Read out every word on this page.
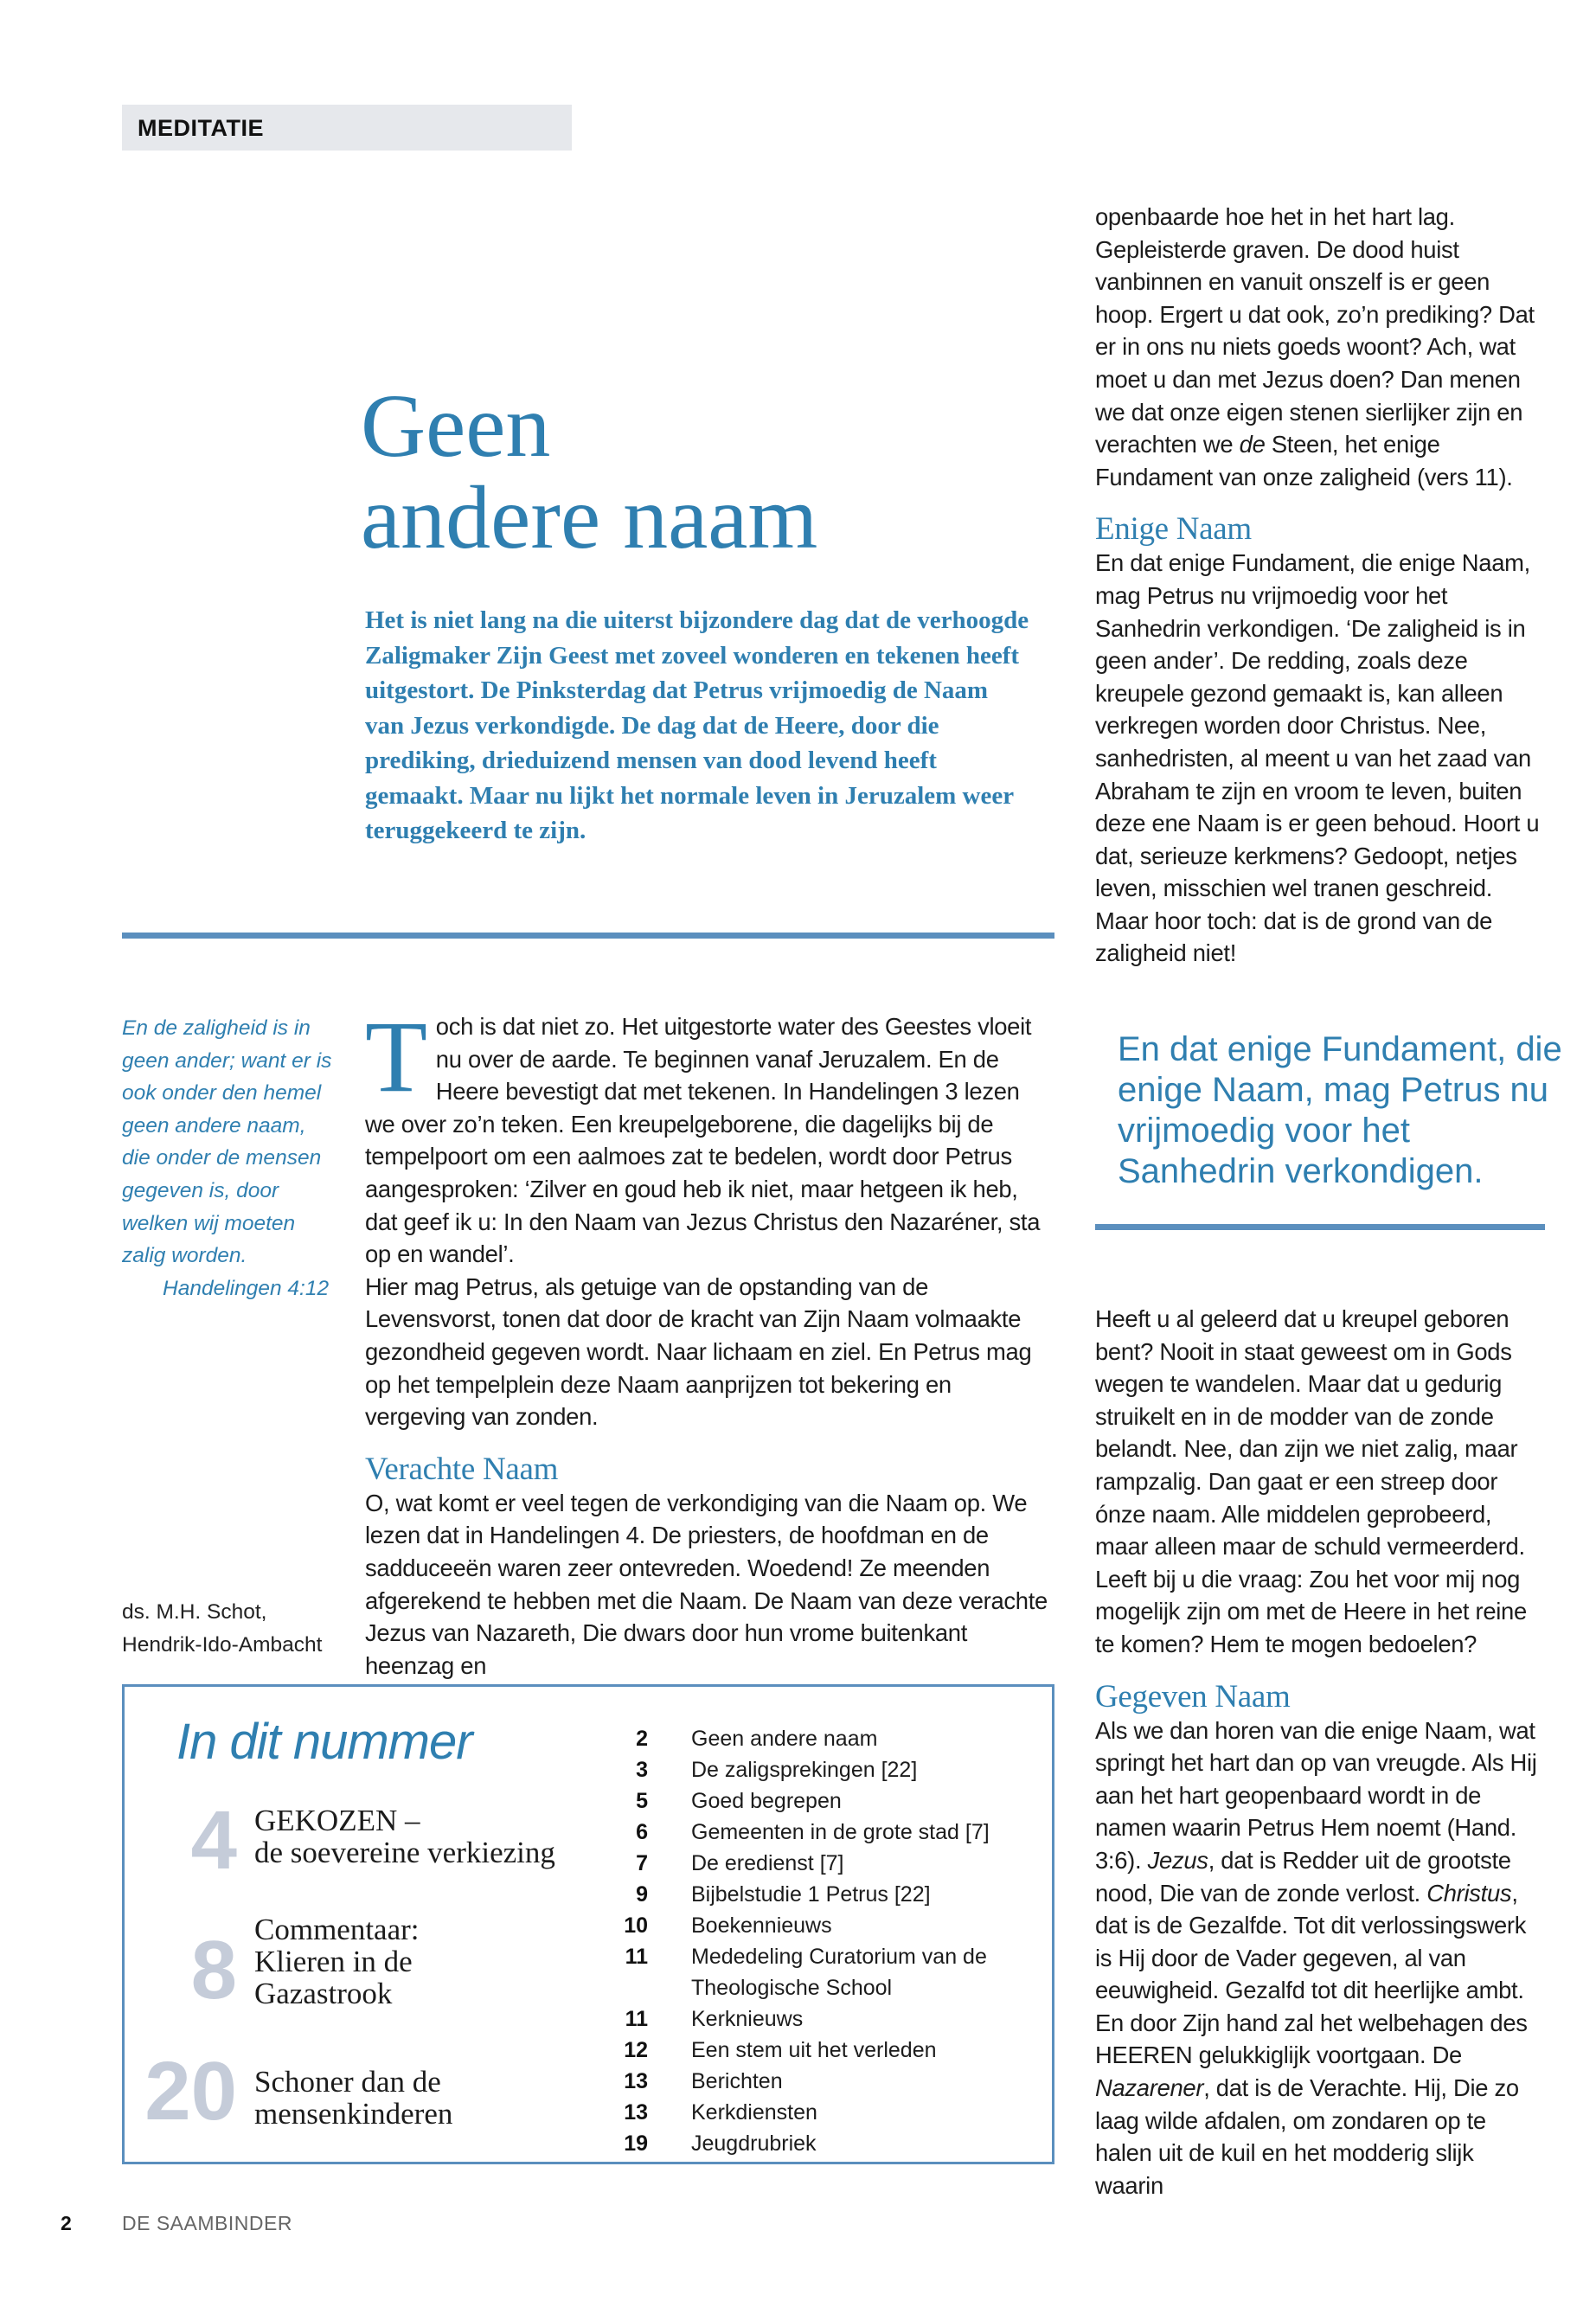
MEDITATIE
Geen
andere naam
Het is niet lang na die uiterst bijzondere dag dat de verhoogde Zaligmaker Zijn Geest met zoveel wonderen en tekenen heeft uitgestort. De Pinksterdag dat Petrus vrijmoedig de Naam van Jezus verkondigde. De dag dat de Heere, door die prediking, drieduizend mensen van dood levend heeft gemaakt. Maar nu lijkt het normale leven in Jeruzalem weer teruggekeerd te zijn.
En de zaligheid is in geen ander; want er is ook onder den hemel geen andere naam, die onder de mensen gegeven is, door welken wij moeten zalig worden.
Handelingen 4:12
ds. M.H. Schot,
Hendrik-Ido-Ambacht
T och is dat niet zo. Het uitgestorte water des Geestes vloeit nu over de aarde. Te beginnen vanaf Jeruzalem. En de Heere bevestigt dat met tekenen. In Handelingen 3 lezen we over zo’n teken. Een kreupelgeborene, die dagelijks bij de tempelpoort om een aalmoes zat te bedelen, wordt door Petrus aangesproken: ‘Zilver en goud heb ik niet, maar hetgeen ik heb, dat geef ik u: In den Naam van Jezus Christus den Nazaréner, sta op en wandel’.

Hier mag Petrus, als getuige van de opstanding van de Levensvorst, tonen dat door de kracht van Zijn Naam volmaakte gezondheid gegeven wordt. Naar lichaam en ziel. En Petrus mag op het tempelplein deze Naam aanprijzen tot bekering en vergeving van zonden.

Verachte Naam

O, wat komt er veel tegen de verkondiging van die Naam op. We lezen dat in Handelingen 4. De priesters, de hoofdman en de sadduceeën waren zeer ontevreden. Woedend! Ze meenden afgerekend te hebben met die Naam. De Naam van deze verachte Jezus van Nazareth, Die dwars door hun vrome buitenkant heenzag en

openbaarde hoe het in het hart lag. Gepleisterde graven. De dood huist vanbinnen en vanuit onszelf is er geen hoop. Ergert u dat ook, zo’n prediking? Dat er in ons nu niets goeds woont? Ach, wat moet u dan met Jezus doen? Dan menen we dat onze eigen stenen sierlijker zijn en verachten we de Steen, het enige Fundament van onze zaligheid (vers 11).

Enige Naam

En dat enige Fundament, die enige Naam, mag Petrus nu vrijmoedig voor het Sanhedrin verkondigen. ‘De zaligheid is in geen ander’. De redding, zoals deze kreupele gezond gemaakt is, kan alleen verkregen worden door Christus. Nee, sanhedristen, al meent u van het zaad van Abraham te zijn en vroom te leven, buiten deze ene Naam is er geen behoud. Hoort u dat, serieuze kerkmens? Gedoopt, netjes leven, misschien wel tranen geschreid. Maar hoor toch: dat is de grond van de zaligheid niet!

En dat enige Fundament, die enige Naam, mag Petrus nu vrijmoedig voor het Sanhedrin verkondigen.

Heeft u al geleerd dat u kreupel geboren bent? Nooit in staat geweest om in Gods wegen te wandelen. Maar dat u gedurig struikelt en in de modder van de zonde belandt. Nee, dan zijn we niet zalig, maar rampzalig. Dan gaat er een streep door ónze naam. Alle middelen geprobeerd, maar alleen maar de schuld vermeerderd. Leeft bij u die vraag: Zou het voor mij nog mogelijk zijn om met de Heere in het reine te komen? Hem te mogen bedoelen?

Gegeven Naam

Als we dan horen van die enige Naam, wat springt het hart dan op van vreugde. Als Hij aan het hart geopenbaard wordt in de namen waarin Petrus Hem noemt (Hand. 3:6). Jezus, dat is Redder uit de grootste nood, Die van de zonde verlost. Christus, dat is de Gezalfde. Tot dit verlossingswerk is Hij door de Vader gegeven, al van eeuwigheid. Gezalfd tot dit heerlijke ambt. En door Zijn hand zal het welbehagen des HEEREN gelukkiglijk voortgaan. De Nazarener, dat is de Verachte. Hij, Die zo laag wilde afdalen, om zondaren op te halen uit de kuil en het modderig slijk waarin

In dit nummer
4 GEKOZEN –
de soevereine verkiezing
8 Commentaar:
Klieren in de
Gazastrook
20 Schoner dan de
mensenkinderen
2 Geen andere naam
3 De zaligsprekingen [22]
5 Goed begrepen
6 Gemeenten in de grote stad [7]
7 De eredienst [7]
9 Bijbelstudie 1 Petrus [22]
10 Boekennieuws
11 Mededeling Curatorium van de Theologische School
11 Kerknieuws
12 Een stem uit het verleden
13 Berichten
13 Kerkdiensten
19 Jeugdrubriek
2	DE SAAMBINDER
